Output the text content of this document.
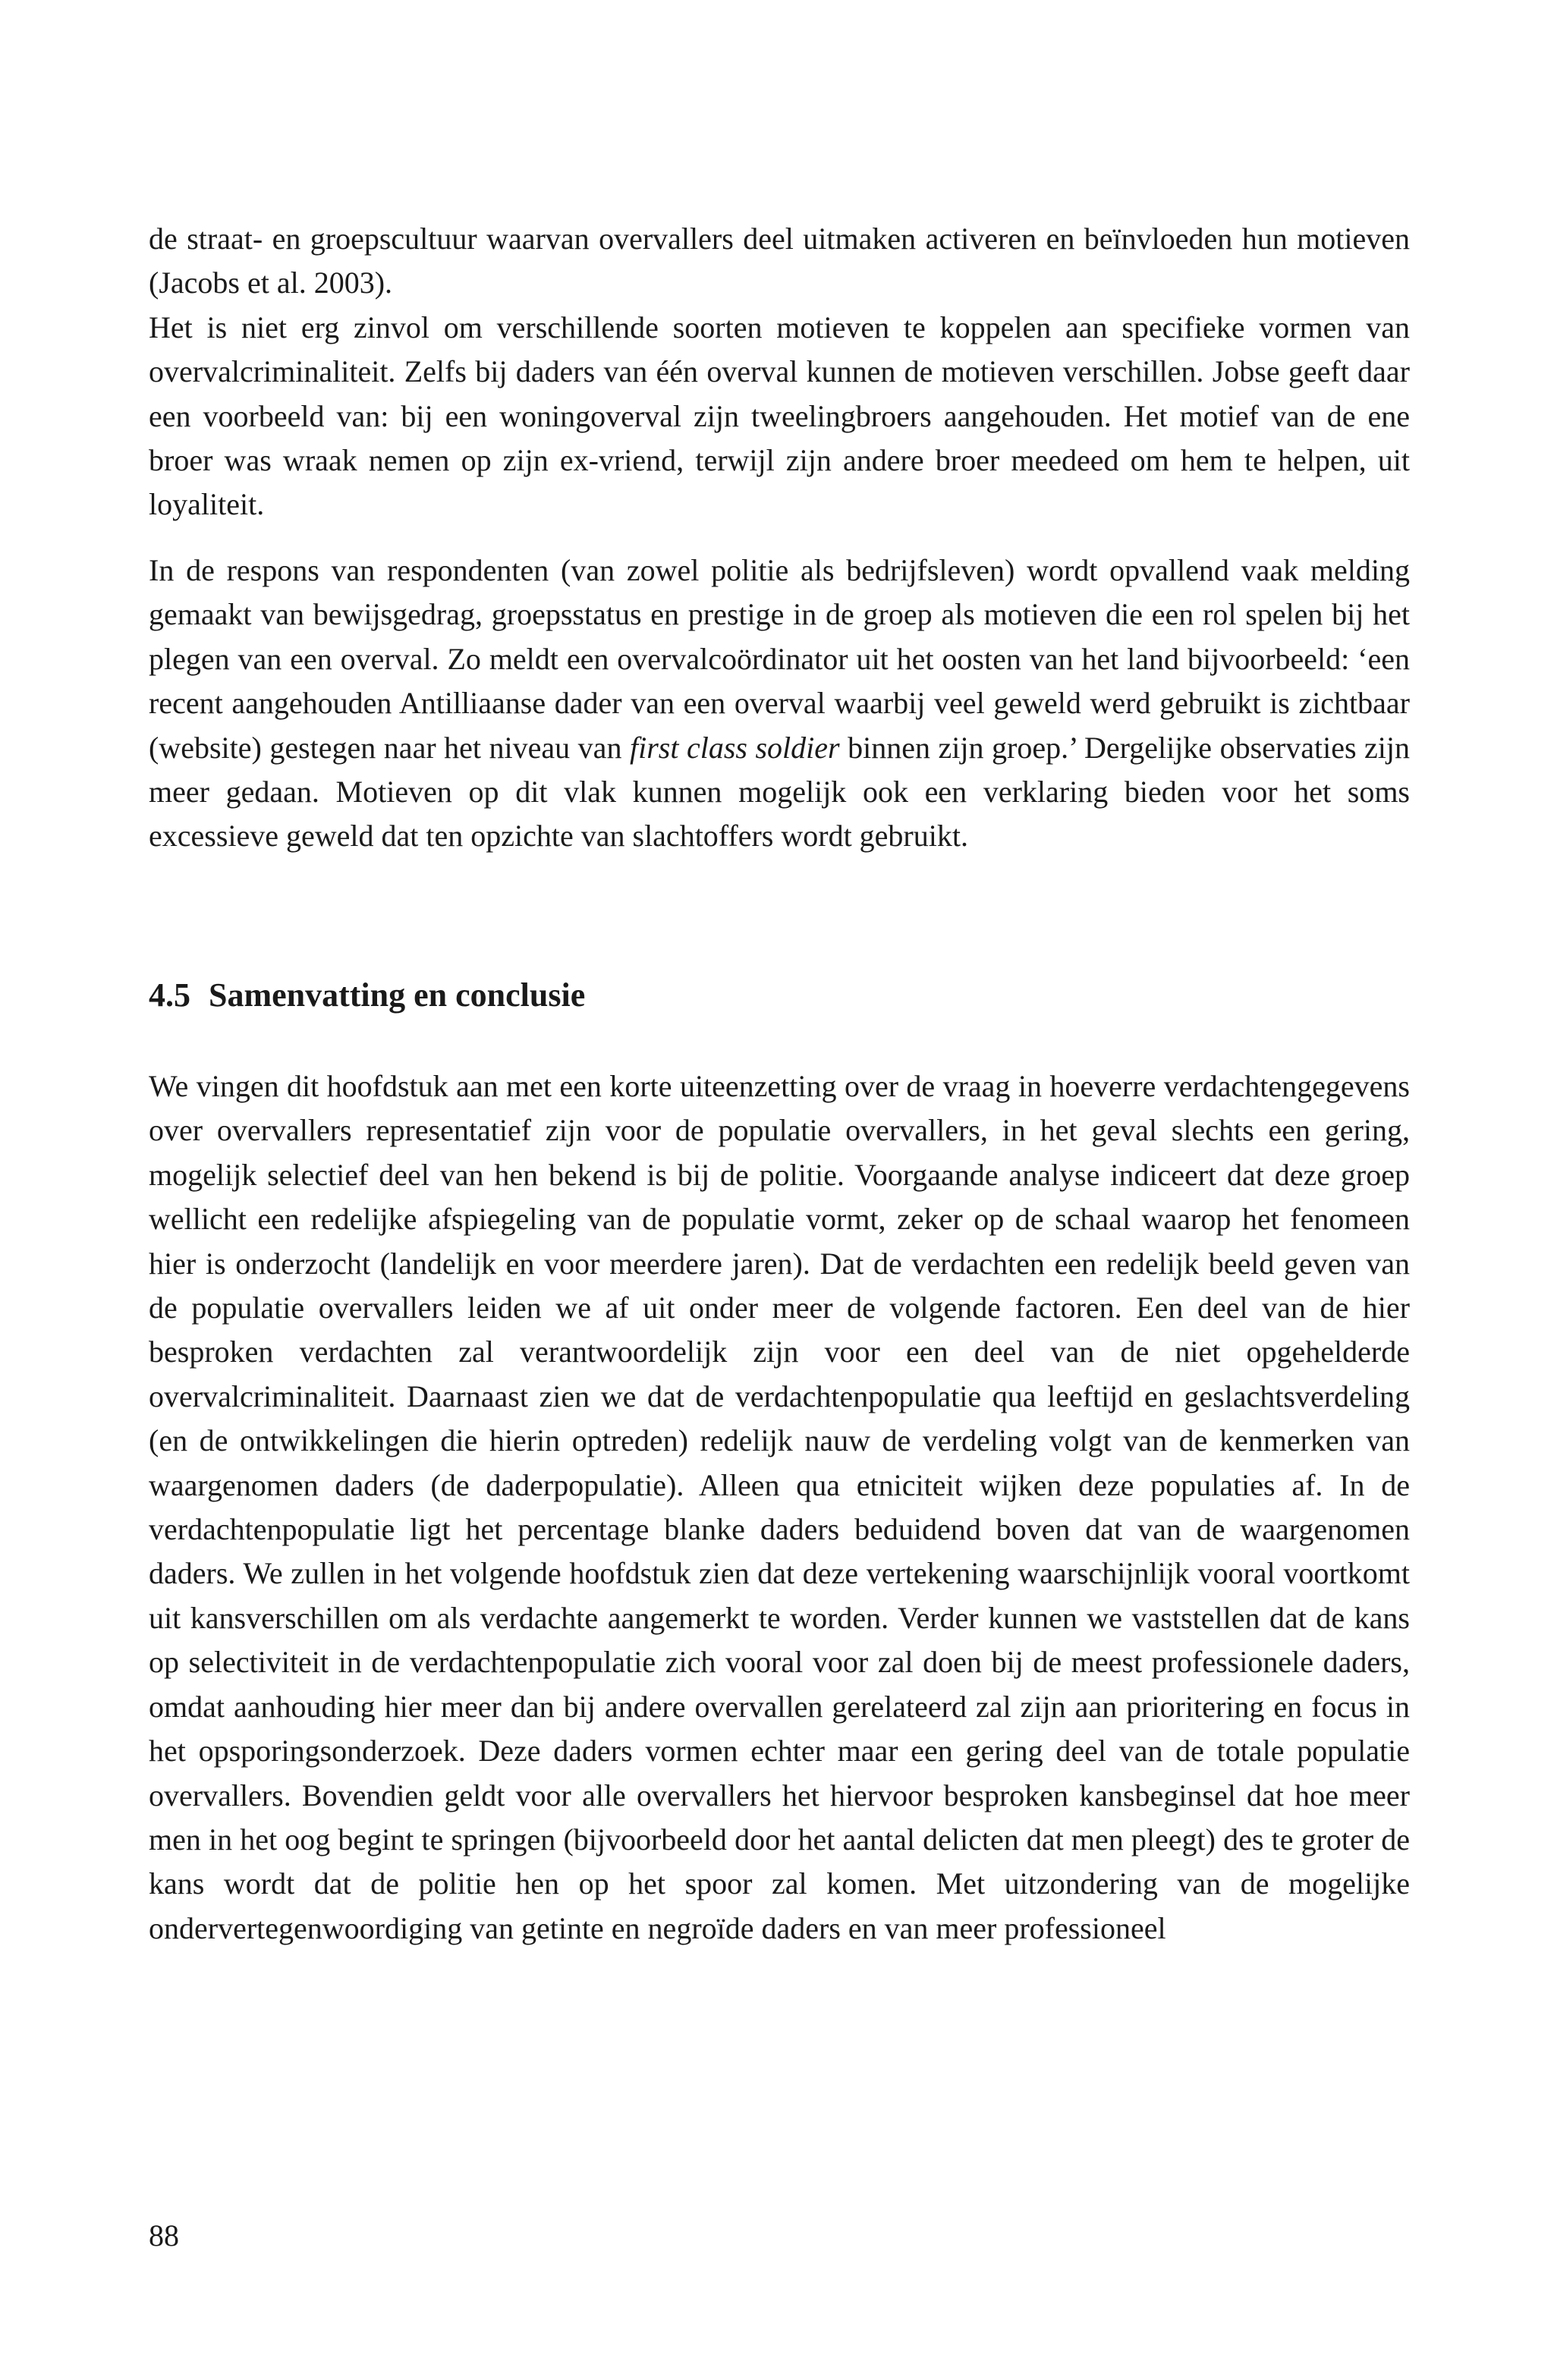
de straat- en groepscultuur waarvan overvallers deel uitmaken activeren en beïnvloeden hun motieven (Jacobs et al. 2003).

Het is niet erg zinvol om verschillende soorten motieven te koppelen aan specifieke vormen van overvalcriminaliteit. Zelfs bij daders van één overval kunnen de motieven verschillen. Jobse geeft daar een voorbeeld van: bij een woningoverval zijn tweelingbroers aangehouden. Het motief van de ene broer was wraak nemen op zijn ex-vriend, terwijl zijn andere broer meedeed om hem te helpen, uit loyaliteit.

In de respons van respondenten (van zowel politie als bedrijfsleven) wordt opvallend vaak melding gemaakt van bewijsgedrag, groepsstatus en prestige in de groep als motieven die een rol spelen bij het plegen van een overval. Zo meldt een overvalcoördinator uit het oosten van het land bijvoorbeeld: ‘een recent aangehouden Antilliaanse dader van een overval waarbij veel geweld werd gebruikt is zichtbaar (website) gestegen naar het niveau van first class soldier binnen zijn groep.’ Dergelijke observaties zijn meer gedaan. Motieven op dit vlak kunnen mogelijk ook een verklaring bieden voor het soms excessieve geweld dat ten opzichte van slachtoffers wordt gebruikt.

4.5 Samenvatting en conclusie

We vingen dit hoofdstuk aan met een korte uiteenzetting over de vraag in hoeverre verdachtengegevens over overvallers representatief zijn voor de populatie overvallers, in het geval slechts een gering, mogelijk selectief deel van hen bekend is bij de politie. Voorgaande analyse indiceert dat deze groep wellicht een redelijke afspiegeling van de populatie vormt, zeker op de schaal waarop het fenomeen hier is onderzocht (landelijk en voor meerdere jaren). Dat de verdachten een redelijk beeld geven van de populatie overvallers leiden we af uit onder meer de volgende factoren. Een deel van de hier besproken verdachten zal verantwoordelijk zijn voor een deel van de niet opgehelderde overvalcriminaliteit. Daarnaast zien we dat de verdachtenpopulatie qua leeftijd en geslachtsverdeling (en de ontwikkelingen die hierin optreden) redelijk nauw de verdeling volgt van de kenmerken van waargenomen daders (de daderpopulatie). Alleen qua etniciteit wijken deze populaties af. In de verdachtenpopulatie ligt het percentage blanke daders beduidend boven dat van de waargenomen daders. We zullen in het volgende hoofdstuk zien dat deze vertekening waarschijnlijk vooral voortkomt uit kansverschillen om als verdachte aangemerkt te worden. Verder kunnen we vaststellen dat de kans op selectiviteit in de verdachtenpopulatie zich vooral voor zal doen bij de meest professionele daders, omdat aanhouding hier meer dan bij andere overvallen gerelateerd zal zijn aan prioritering en focus in het opsporingsonderzoek. Deze daders vormen echter maar een gering deel van de totale populatie overvallers. Bovendien geldt voor alle overvallers het hiervoor besproken kansbeginsel dat hoe meer men in het oog begint te springen (bijvoorbeeld door het aantal delicten dat men pleegt) des te groter de kans wordt dat de politie hen op het spoor zal komen. Met uitzondering van de mogelijke ondervertegenwoordiging van getinte en negroïde daders en van meer professioneel

88
